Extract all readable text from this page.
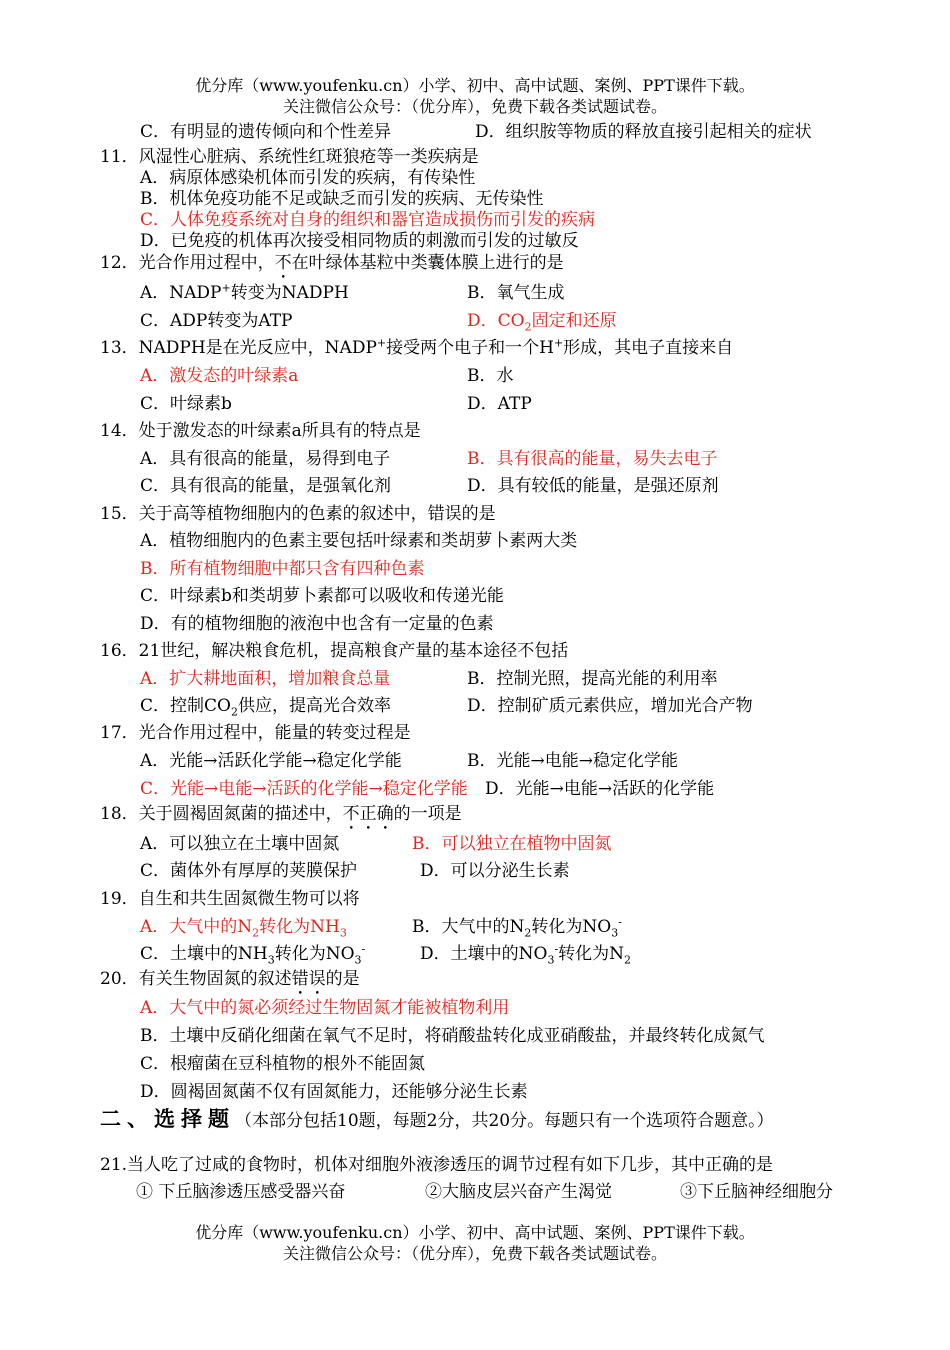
优分库（www.youfenku.cn）小学、初中、高中试题、案例、PPT课件下载。
关注微信公众号：（优分库），免费下载各类试题试卷。
C．有明显的遗传倾向和个性差异	D．组织胺等物质的释放直接引起相关的症状
11．风湿性心脏病、系统性红斑狼疮等一类疾病是
A．病原体感染机体而引发的疾病，有传染性
B．机体免疫功能不足或缺乏而引发的疾病、无传染性
C．人体免疫系统对自身的组织和器官造成损伤而引发的疾病
D．已免疫的机体再次接受相同物质的刺激而引发的过敏反
12．光合作用过程中，不在叶绿体基粒中类囊体膜上进行的是
A．NADP+转变为NADPH	B．氧气生成
C．ADP转变为ATP	D．$CO_2$固定和还原
13．NADPH是在光反应中，NADP+接受两个电子和一个H+形成，其电子直接来自
A．激发态的叶绿素a	B．水
C．叶绿素b	D．ATP
14．处于激发态的叶绿素a所具有的特点是
A．具有很高的能量，易得到电子	B．具有很高的能量，易失去电子
C．具有很高的能量，是强氧化剂	D．具有较低的能量，是强还原剂
15．关于高等植物细胞内的色素的叙述中，错误的是
A．植物细胞内的色素主要包括叶绿素和类胡萝卜素两大类
B．所有植物细胞中都只含有四种色素
C．叶绿素b和类胡萝卜素都可以吸收和传递光能
D．有的植物细胞的液泡中也含有一定量的色素
16．21世纪，解决粮食危机，提高粮食产量的基本途径不包括
A．扩大耕地面积，增加粮食总量	B．控制光照，提高光能的利用率
C．控制$CO_2$供应，提高光合效率	D．控制矿质元素供应，增加光合产物
17．光合作用过程中，能量的转变过程是
A．光能→活跃化学能→稳定化学能	B．光能→电能→稳定化学能
C．光能→电能→活跃的化学能→稳定化学能 D．光能→电能→活跃的化学能
18．关于圆褐固氮菌的描述中，不正确的一项是
A．可以独立在土壤中固氮	B．可以独立在植物中固氮
C．菌体外有厚厚的荚膜保护	D．可以分泌生长素
19．自生和共生固氮微生物可以将
A．大气中的$N_2$转化为$NH_3$	B．大气中的$N_2$转化为$NO_3^-$
C．土壤中的$NH_3$转化为$NO_3^-$	D．土壤中的$NO_3^-$转化为$N_2$
20．有关生物固氮的叙述错误的是
A．大气中的氮必须经过生物固氮才能被植物利用
B．土壤中反硝化细菌在氧气不足时，将硝酸盐转化成亚硝酸盐，并最终转化成氮气
C．根瘤菌在豆科植物的根外不能固氮
D．圆褐固氮菌不仅有固氮能力，还能够分泌生长素
二、选择题（本部分包括10题，每题2分，共20分。每题只有一个选项符合题意。）
21.当人吃了过咸的食物时，机体对细胞外液渗透压的调节过程有如下几步，其中正确的是
① 下丘脑渗透压感受器兴奋	②大脑皮层兴奋产生渴觉	③下丘脑神经细胞分
优分库（www.youfenku.cn）小学、初中、高中试题、案例、PPT课件下载。
关注微信公众号：（优分库），免费下载各类试题试卷。
